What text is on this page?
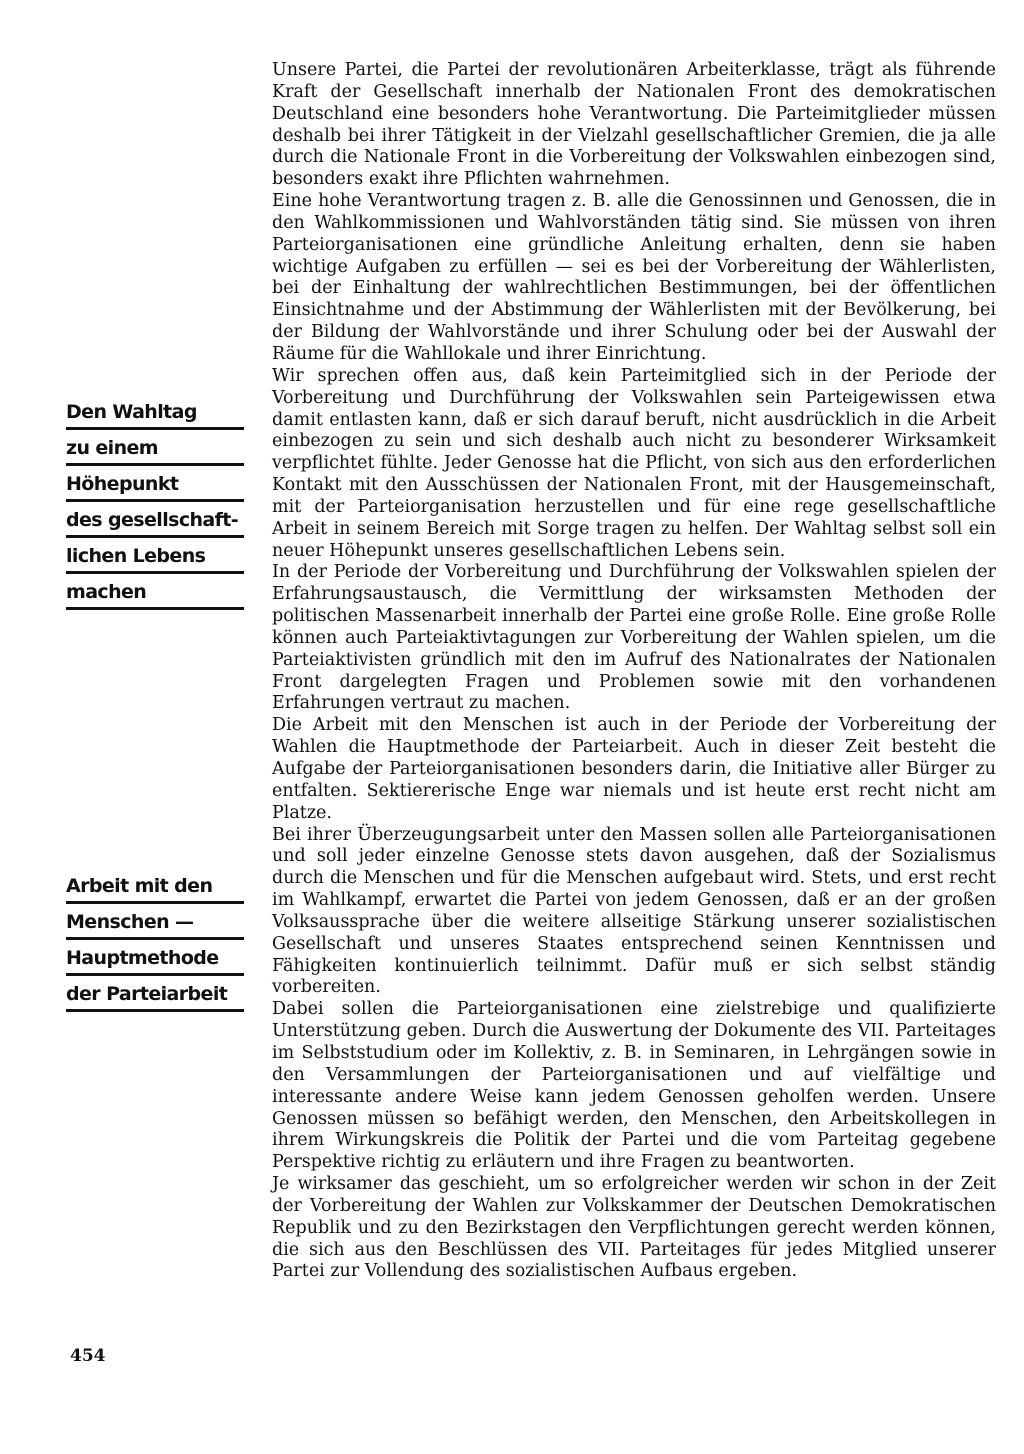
Den Wahltag
zu einem
Höhepunkt
des gesellschaft-
lichen Lebens
machen
Arbeit mit den
Menschen —
Hauptmethode
der Parteiarbeit

Unsere Partei, die Partei der revolutionären Arbeiterklasse, trägt als führende Kraft der Gesellschaft innerhalb der Nationalen Front des demokratischen Deutschland eine besonders hohe Verantwortung. Die Parteimitglieder müssen deshalb bei ihrer Tätigkeit in der Vielzahl gesellschaftlicher Gremien, die ja alle durch die Nationale Front in die Vorbereitung der Volkswahlen einbezogen sind, besonders exakt ihre Pflichten wahrnehmen.

Eine hohe Verantwortung tragen z. B. alle die Genossinnen und Genossen, die in den Wahlkommissionen und Wahlvorständen tätig sind. Sie müssen von ihren Parteiorganisationen eine gründliche Anleitung erhalten, denn sie haben wichtige Aufgaben zu erfüllen — sei es bei der Vorbereitung der Wählerlisten, bei der Einhaltung der wahlrechtlichen Bestimmungen, bei der öffentlichen Einsichtnahme und der Abstimmung der Wählerlisten mit der Bevölkerung, bei der Bildung der Wahlvorstände und ihrer Schulung oder bei der Auswahl der Räume für die Wahllokale und ihrer Einrichtung.

Wir sprechen offen aus, daß kein Parteimitglied sich in der Periode der Vorbereitung und Durchführung der Volkswahlen sein Parteigewissen etwa damit entlasten kann, daß er sich darauf beruft, nicht ausdrücklich in die Arbeit einbezogen zu sein und sich deshalb auch nicht zu besonderer Wirksamkeit verpflichtet fühlte. Jeder Genosse hat die Pflicht, von sich aus den erforderlichen Kontakt mit den Ausschüssen der Nationalen Front, mit der Hausgemeinschaft, mit der Parteiorganisation herzustellen und für eine rege gesellschaftliche Arbeit in seinem Bereich mit Sorge tragen zu helfen. Der Wahltag selbst soll ein neuer Höhepunkt unseres gesellschaftlichen Lebens sein.

In der Periode der Vorbereitung und Durchführung der Volkswahlen spielen der Erfahrungsaustausch, die Vermittlung der wirksamsten Methoden der politischen Massenarbeit innerhalb der Partei eine große Rolle. Eine große Rolle können auch Parteiaktivtagungen zur Vorbereitung der Wahlen spielen, um die Parteiaktivisten gründlich mit den im Aufruf des Nationalrates der Nationalen Front dargelegten Fragen und Problemen sowie mit den vorhandenen Erfahrungen vertraut zu machen.

Die Arbeit mit den Menschen ist auch in der Periode der Vorbereitung der Wahlen die Hauptmethode der Parteiarbeit. Auch in dieser Zeit besteht die Aufgabe der Parteiorganisationen besonders darin, die Initiative aller Bürger zu entfalten. Sektiererische Enge war niemals und ist heute erst recht nicht am Platze.

Bei ihrer Überzeugungsarbeit unter den Massen sollen alle Parteiorganisationen und soll jeder einzelne Genosse stets davon ausgehen, daß der Sozialismus durch die Menschen und für die Menschen aufgebaut wird. Stets, und erst recht im Wahlkampf, erwartet die Partei von jedem Genossen, daß er an der großen Volksaussprache über die weitere allseitige Stärkung unserer sozialistischen Gesellschaft und unseres Staates entsprechend seinen Kenntnissen und Fähigkeiten kontinuierlich teilnimmt. Dafür muß er sich selbst ständig vorbereiten.

Dabei sollen die Parteiorganisationen eine zielstrebige und qualifizierte Unterstützung geben. Durch die Auswertung der Dokumente des VII. Parteitages im Selbststudium oder im Kollektiv, z. B. in Seminaren, in Lehrgängen sowie in den Versammlungen der Parteiorganisationen und auf vielfältige und interessante andere Weise kann jedem Genossen geholfen werden. Unsere Genossen müssen so befähigt werden, den Menschen, den Arbeitskollegen in ihrem Wirkungskreis die Politik der Partei und die vom Parteitag gegebene Perspektive richtig zu erläutern und ihre Fragen zu beantworten.

Je wirksamer das geschieht, um so erfolgreicher werden wir schon in der Zeit der Vorbereitung der Wahlen zur Volkskammer der Deutschen Demokratischen Republik und zu den Bezirkstagen den Verpflichtungen gerecht werden können, die sich aus den Beschlüssen des VII. Parteitages für jedes Mitglied unserer Partei zur Vollendung des sozialistischen Aufbaus ergeben.

454
